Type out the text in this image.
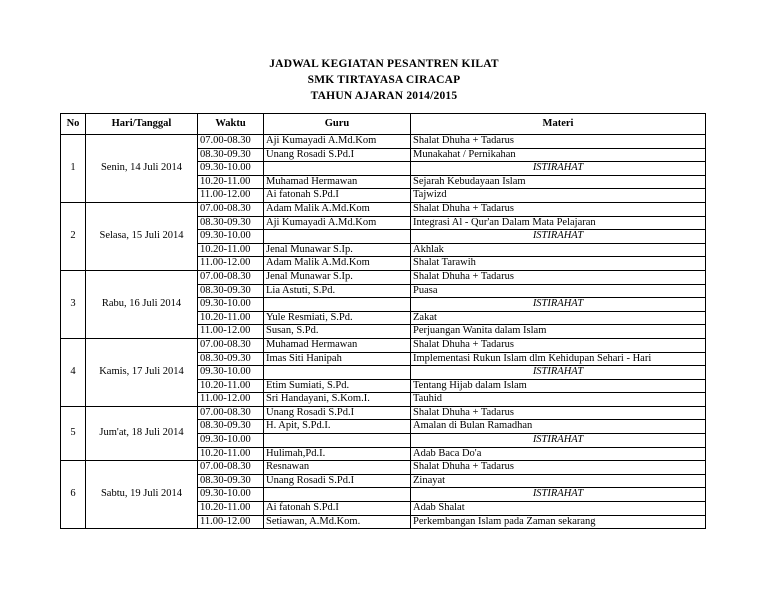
JADWAL KEGIATAN PESANTREN KILAT
SMK TIRTAYASA CIRACAP
TAHUN AJARAN 2014/2015
No	Hari/Tanggal	Waktu	Guru	Materi
1	Senin, 14 Juli 2014	07.00-08.30	Aji Kumayadi A.Md.Kom	Shalat Dhuha + Tadarus
		08.30-09.30	Unang Rosadi S.Pd.I	Munakahat / Pernikahan
		09.30-10.00		ISTIRAHAT
		10.20-11.00	Muhamad Hermawan	Sejarah Kebudayaan Islam
		11.00-12.00	Ai fatonah S.Pd.I	Tajwizd
2	Selasa, 15 Juli 2014	07.00-08.30	Adam Malik A.Md.Kom	Shalat Dhuha + Tadarus
		08.30-09.30	Aji Kumayadi A.Md.Kom	Integrasi Al - Qur'an Dalam Mata Pelajaran
		09.30-10.00		ISTIRAHAT
		10.20-11.00	Jenal Munawar S.Ip.	Akhlak
		11.00-12.00	Adam Malik A.Md.Kom	Shalat Tarawih
3	Rabu, 16 Juli 2014	07.00-08.30	Jenal Munawar S.Ip.	Shalat Dhuha + Tadarus
		08.30-09.30	Lia Astuti, S.Pd.	Puasa
		09.30-10.00		ISTIRAHAT
		10.20-11.00	Yule Resmiati, S.Pd.	Zakat
		11.00-12.00	Susan, S.Pd.	Perjuangan Wanita dalam Islam
4	Kamis, 17 Juli 2014	07.00-08.30	Muhamad Hermawan	Shalat Dhuha + Tadarus
		08.30-09.30	Imas Siti Hanipah	Implementasi Rukun Islam dlm Kehidupan Sehari - Hari
		09.30-10.00		ISTIRAHAT
		10.20-11.00	Etim Sumiati, S.Pd.	Tentang Hijab dalam Islam
		11.00-12.00	Sri Handayani, S.Kom.I.	Tauhid
5	Jum'at, 18 Juli 2014	07.00-08.30	Unang Rosadi S.Pd.I	Shalat Dhuha + Tadarus
		08.30-09.30	H. Apit, S.Pd.I.	Amalan di Bulan Ramadhan
		09.30-10.00		ISTIRAHAT
		10.20-11.00	Hulimah,Pd.I.	Adab Baca Do'a
6	Sabtu, 19 Juli 2014	07.00-08.30	Resnawan	Shalat Dhuha + Tadarus
		08.30-09.30	Unang Rosadi S.Pd.I	Zinayat
		09.30-10.00		ISTIRAHAT
		10.20-11.00	Ai fatonah S.Pd.I	Adab Shalat
		11.00-12.00	Setiawan, A.Md.Kom.	Perkembangan Islam pada Zaman sekarang
